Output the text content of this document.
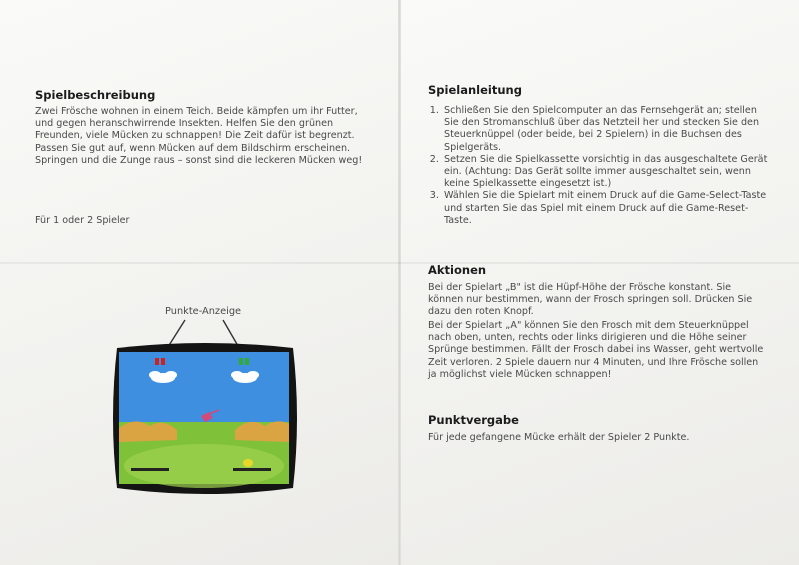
Spielbeschreibung

Zwei Frösche wohnen in einem Teich. Beide kämpfen um ihr Futter, und gegen heranschwirrende Insekten. Helfen Sie den grünen Freunden, viele Mücken zu schnappen! Die Zeit dafür ist begrenzt. Passen Sie gut auf, wenn Mücken auf dem Bildschirm erscheinen. Springen und die Zunge raus – sonst sind die leckeren Mücken weg!

Für 1 oder 2 Spieler

Punkte-Anzeige
Spielanleitung
1. Schließen Sie den Spielcomputer an das Fernsehgerät an; stellen Sie den Stromanschluß über das Netzteil her und stecken Sie den Steuerknüppel (oder beide, bei 2 Spielern) in die Buchsen des Spielgeräts.
2. Setzen Sie die Spielkassette vorsichtig in das ausgeschaltete Gerät ein. (Achtung: Das Gerät sollte immer ausgeschaltet sein, wenn keine Spielkassette eingesetzt ist.)
3. Wählen Sie die Spielart mit einem Druck auf die Game-Select-Taste und starten Sie das Spiel mit einem Druck auf die Game-Reset-Taste.
Aktionen

Bei der Spielart „B" ist die Hüpf-Höhe der Frösche konstant. Sie können nur bestimmen, wann der Frosch springen soll. Drücken Sie dazu den roten Knopf.

Bei der Spielart „A" können Sie den Frosch mit dem Steuerknüppel nach oben, unten, rechts oder links dirigieren und die Höhe seiner Sprünge bestimmen. Fällt der Frosch dabei ins Wasser, geht wertvolle Zeit verloren. 2 Spiele dauern nur 4 Minuten, und Ihre Frösche sollen ja möglichst viele Mücken schnappen!

Punktvergabe

Für jede gefangene Mücke erhält der Spieler 2 Punkte.
